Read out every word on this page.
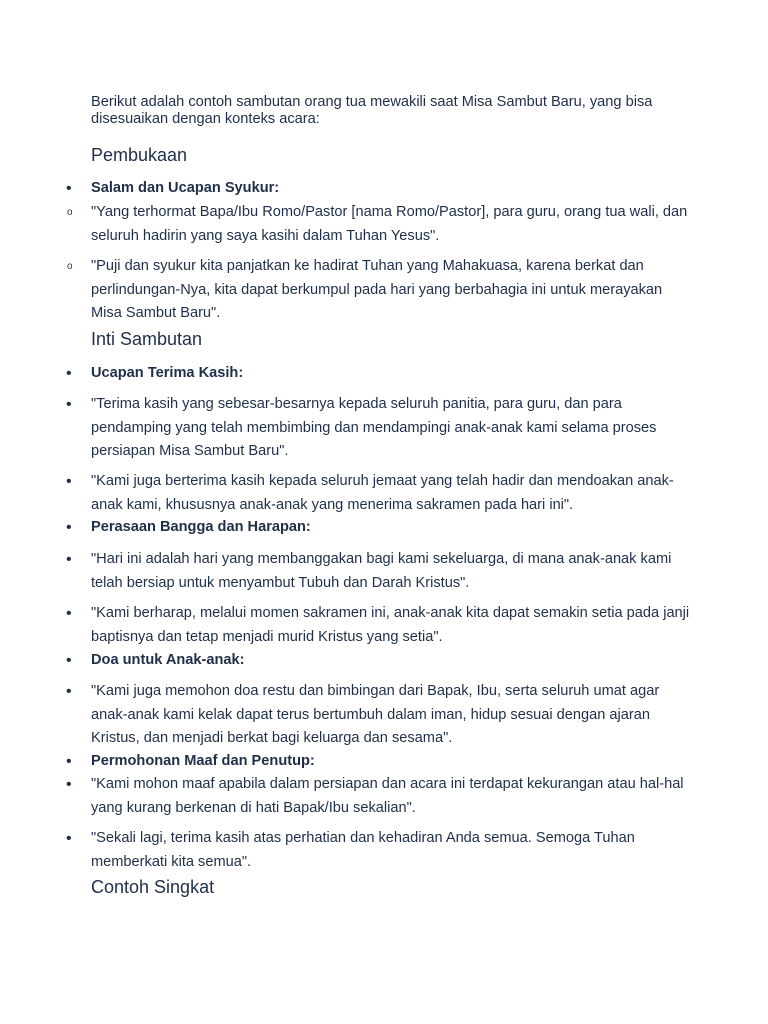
Berikut adalah contoh sambutan orang tua mewakili saat Misa Sambut Baru, yang bisa disesuaikan dengan konteks acara:
Pembukaan
• Salam dan Ucapan Syukur:
o "Yang terhormat Bapa/Ibu Romo/Pastor [nama Romo/Pastor], para guru, orang tua wali, dan seluruh hadirin yang saya kasihi dalam Tuhan Yesus".
o "Puji dan syukur kita panjatkan ke hadirat Tuhan yang Mahakuasa, karena berkat dan perlindungan-Nya, kita dapat berkumpul pada hari yang berbahagia ini untuk merayakan Misa Sambut Baru".
Inti Sambutan
• Ucapan Terima Kasih:
• "Terima kasih yang sebesar-besarnya kepada seluruh panitia, para guru, dan para pendamping yang telah membimbing dan mendampingi anak-anak kami selama proses persiapan Misa Sambut Baru".
• "Kami juga berterima kasih kepada seluruh jemaat yang telah hadir dan mendoakan anak-anak kami, khususnya anak-anak yang menerima sakramen pada hari ini".
• Perasaan Bangga dan Harapan:
• "Hari ini adalah hari yang membanggakan bagi kami sekeluarga, di mana anak-anak kami telah bersiap untuk menyambut Tubuh dan Darah Kristus".
• "Kami berharap, melalui momen sakramen ini, anak-anak kita dapat semakin setia pada janji baptisnya dan tetap menjadi murid Kristus yang setia".
• Doa untuk Anak-anak:
• "Kami juga memohon doa restu dan bimbingan dari Bapak, Ibu, serta seluruh umat agar anak-anak kami kelak dapat terus bertumbuh dalam iman, hidup sesuai dengan ajaran Kristus, dan menjadi berkat bagi keluarga dan sesama".
• Permohonan Maaf dan Penutup:
• "Kami mohon maaf apabila dalam persiapan dan acara ini terdapat kekurangan atau hal-hal yang kurang berkenan di hati Bapak/Ibu sekalian".
• "Sekali lagi, terima kasih atas perhatian dan kehadiran Anda semua. Semoga Tuhan memberkati kita semua".
Contoh Singkat
